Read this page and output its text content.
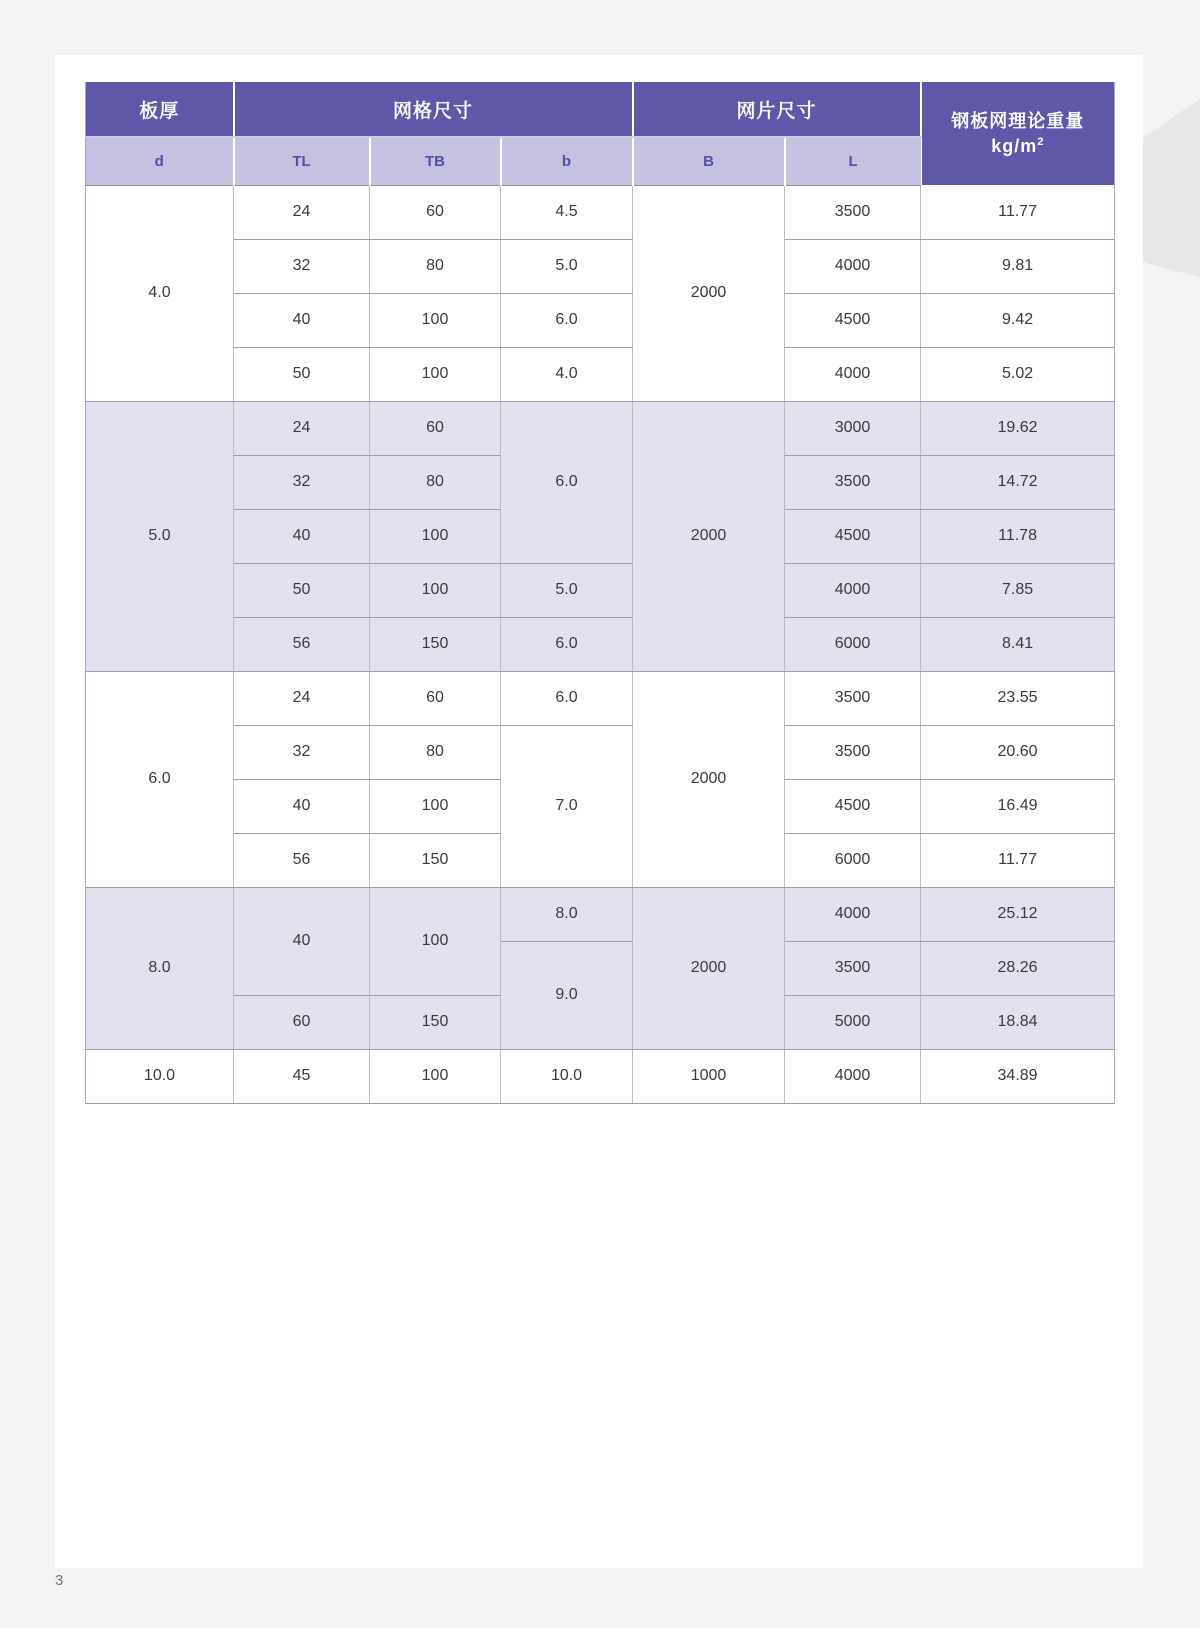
板厚	网格尺寸			网片尺寸		钢板网理论重量
$kg/m^2$
d	TL	TB	b	B	L	
4.0	24	60	4.5	2000	3500	11.77
	32	80	5.0		4000	9.81
	40	100	6.0		4500	9.42
	50	100	4.0		4000	5.02
5.0	24	60	6.0	2000	3000	19.62
	32	80			3500	14.72
	40	100			4500	11.78
	50	100	5.0		4000	7.85
	56	150	6.0		6000	8.41
6.0	24	60	6.0	2000	3500	23.55
	32	80	7.0		3500	20.60
	40	100			4500	16.49
	56	150			6000	11.77
8.0	40	100	8.0	2000	4000	25.12
			9.0		3500	28.26
	60	150			5000	18.84
10.0	45	100	10.0	1000	4000	34.89
3
